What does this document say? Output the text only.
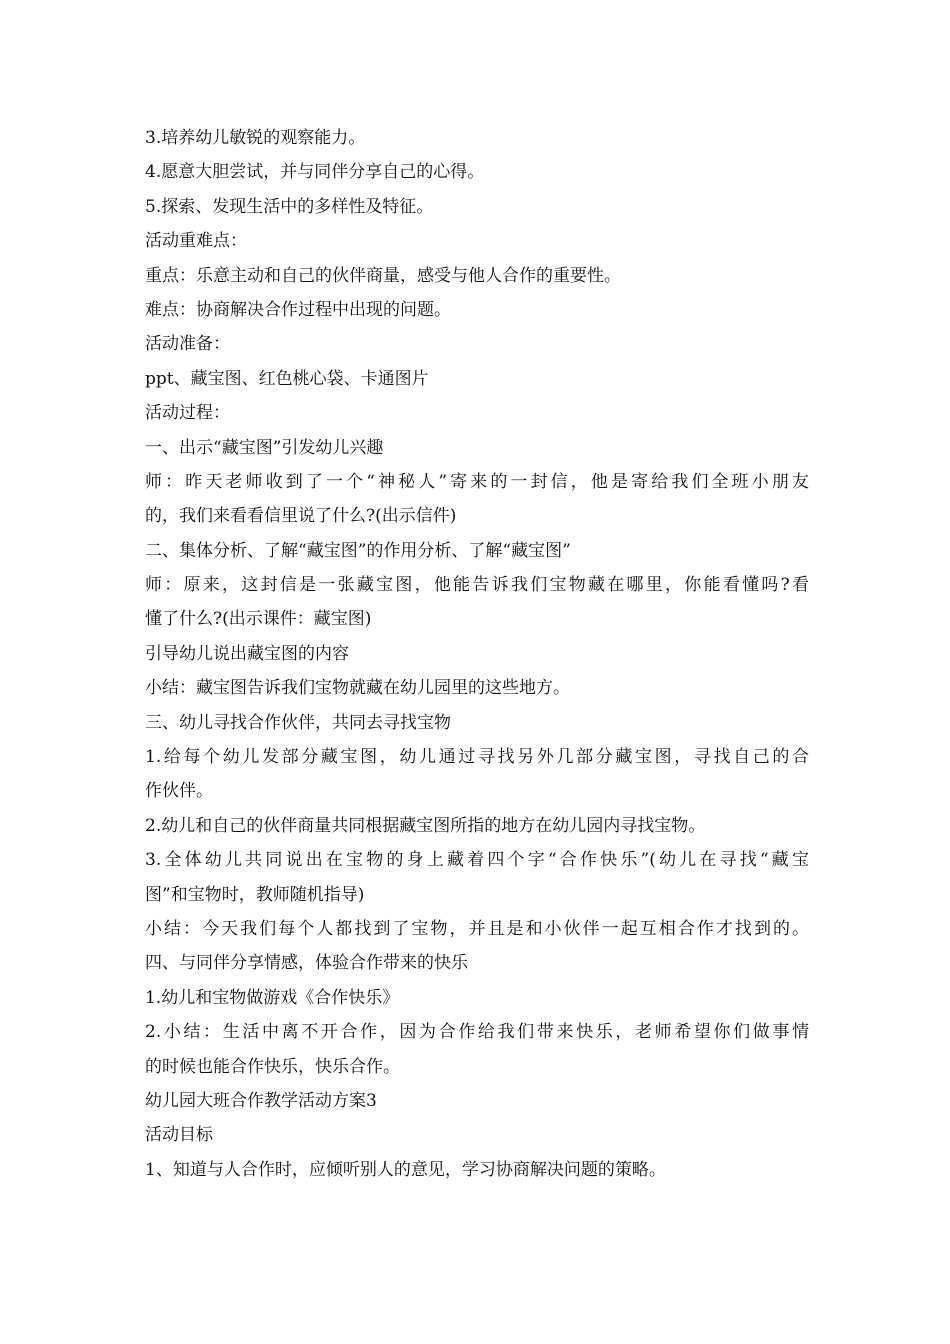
3.培养幼儿敏锐的观察能力。
4.愿意大胆尝试，并与同伴分享自己的心得。
5.探索、发现生活中的多样性及特征。
活动重难点：
重点：乐意主动和自己的伙伴商量，感受与他人合作的重要性。
难点：协商解决合作过程中出现的问题。
活动准备：
ppt、藏宝图、红色桃心袋、卡通图片
活动过程：
一、出示“藏宝图”引发幼儿兴趣
师：昨天老师收到了一个“神秘人”寄来的一封信，他是寄给我们全班小朋友
的，我们来看看信里说了什么?(出示信件)
二、集体分析、了解“藏宝图”的作用分析、了解“藏宝图”
师：原来，这封信是一张藏宝图，他能告诉我们宝物藏在哪里，你能看懂吗?看
懂了什么?(出示课件：藏宝图)
引导幼儿说出藏宝图的内容
小结：藏宝图告诉我们宝物就藏在幼儿园里的这些地方。
三、幼儿寻找合作伙伴，共同去寻找宝物
1.给每个幼儿发部分藏宝图，幼儿通过寻找另外几部分藏宝图，寻找自己的合
作伙伴。
2.幼儿和自己的伙伴商量共同根据藏宝图所指的地方在幼儿园内寻找宝物。
3.全体幼儿共同说出在宝物的身上藏着四个字“合作快乐”(幼儿在寻找“藏宝
图”和宝物时，教师随机指导)
小结：今天我们每个人都找到了宝物，并且是和小伙伴一起互相合作才找到的。
四、与同伴分享情感，体验合作带来的快乐
1.幼儿和宝物做游戏《合作快乐》
2.小结：生活中离不开合作，因为合作给我们带来快乐，老师希望你们做事情
的时候也能合作快乐，快乐合作。
幼儿园大班合作教学活动方案3
活动目标
1、知道与人合作时，应倾听别人的意见，学习协商解决问题的策略。
